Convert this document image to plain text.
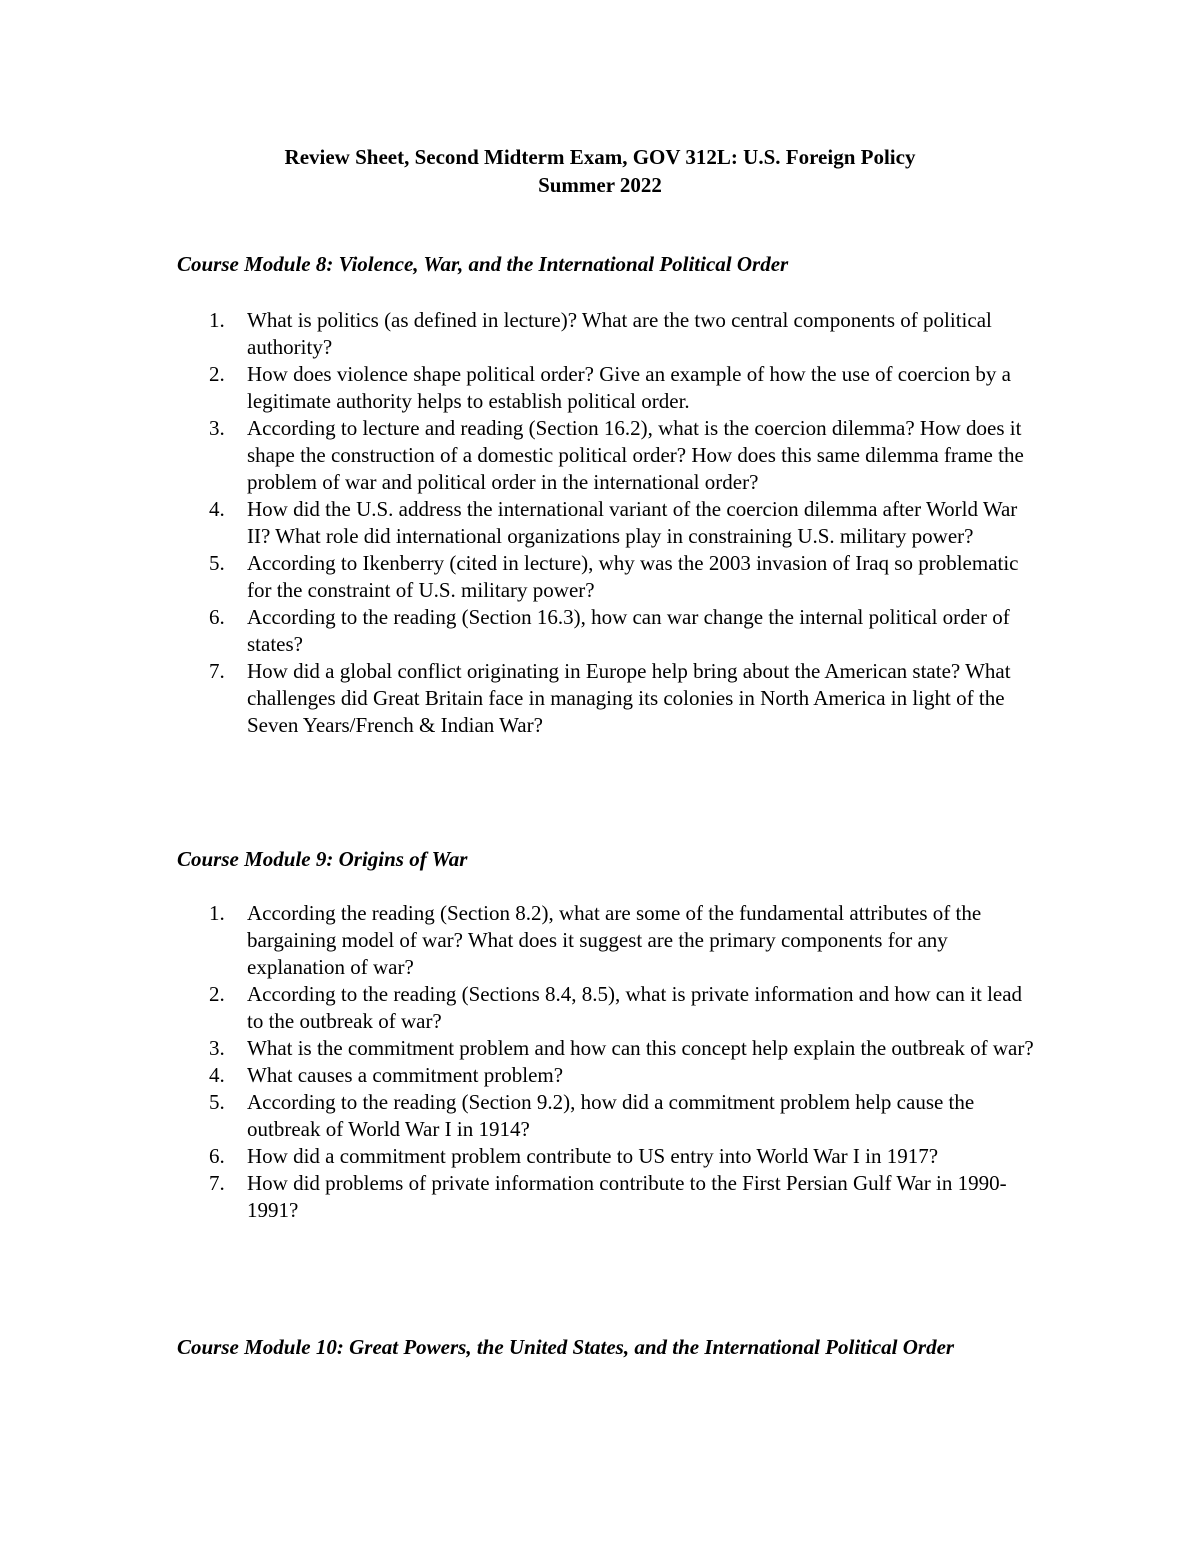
Review Sheet, Second Midterm Exam, GOV 312L: U.S. Foreign Policy
Summer 2022
Course Module 8: Violence, War, and the International Political Order
1.	What is politics (as defined in lecture)? What are the two central components of political authority?
2.	How does violence shape political order? Give an example of how the use of coercion by a legitimate authority helps to establish political order.
3.	According to lecture and reading (Section 16.2), what is the coercion dilemma? How does it shape the construction of a domestic political order? How does this same dilemma frame the problem of war and political order in the international order?
4.	How did the U.S. address the international variant of the coercion dilemma after World War II? What role did international organizations play in constraining U.S. military power?
5.	According to Ikenberry (cited in lecture), why was the 2003 invasion of Iraq so problematic for the constraint of U.S. military power?
6.	According to the reading (Section 16.3), how can war change the internal political order of states?
7.	How did a global conflict originating in Europe help bring about the American state? What challenges did Great Britain face in managing its colonies in North America in light of the Seven Years/French & Indian War?
Course Module 9: Origins of War
1.	According the reading (Section 8.2), what are some of the fundamental attributes of the bargaining model of war? What does it suggest are the primary components for any explanation of war?
2.	According to the reading (Sections 8.4, 8.5), what is private information and how can it lead to the outbreak of war?
3.	What is the commitment problem and how can this concept help explain the outbreak of war?
4.	What causes a commitment problem?
5.	According to the reading (Section 9.2), how did a commitment problem help cause the outbreak of World War I in 1914?
6.	How did a commitment problem contribute to US entry into World War I in 1917?
7.	How did problems of private information contribute to the First Persian Gulf War in 1990-1991?
Course Module 10: Great Powers, the United States, and the International Political Order
